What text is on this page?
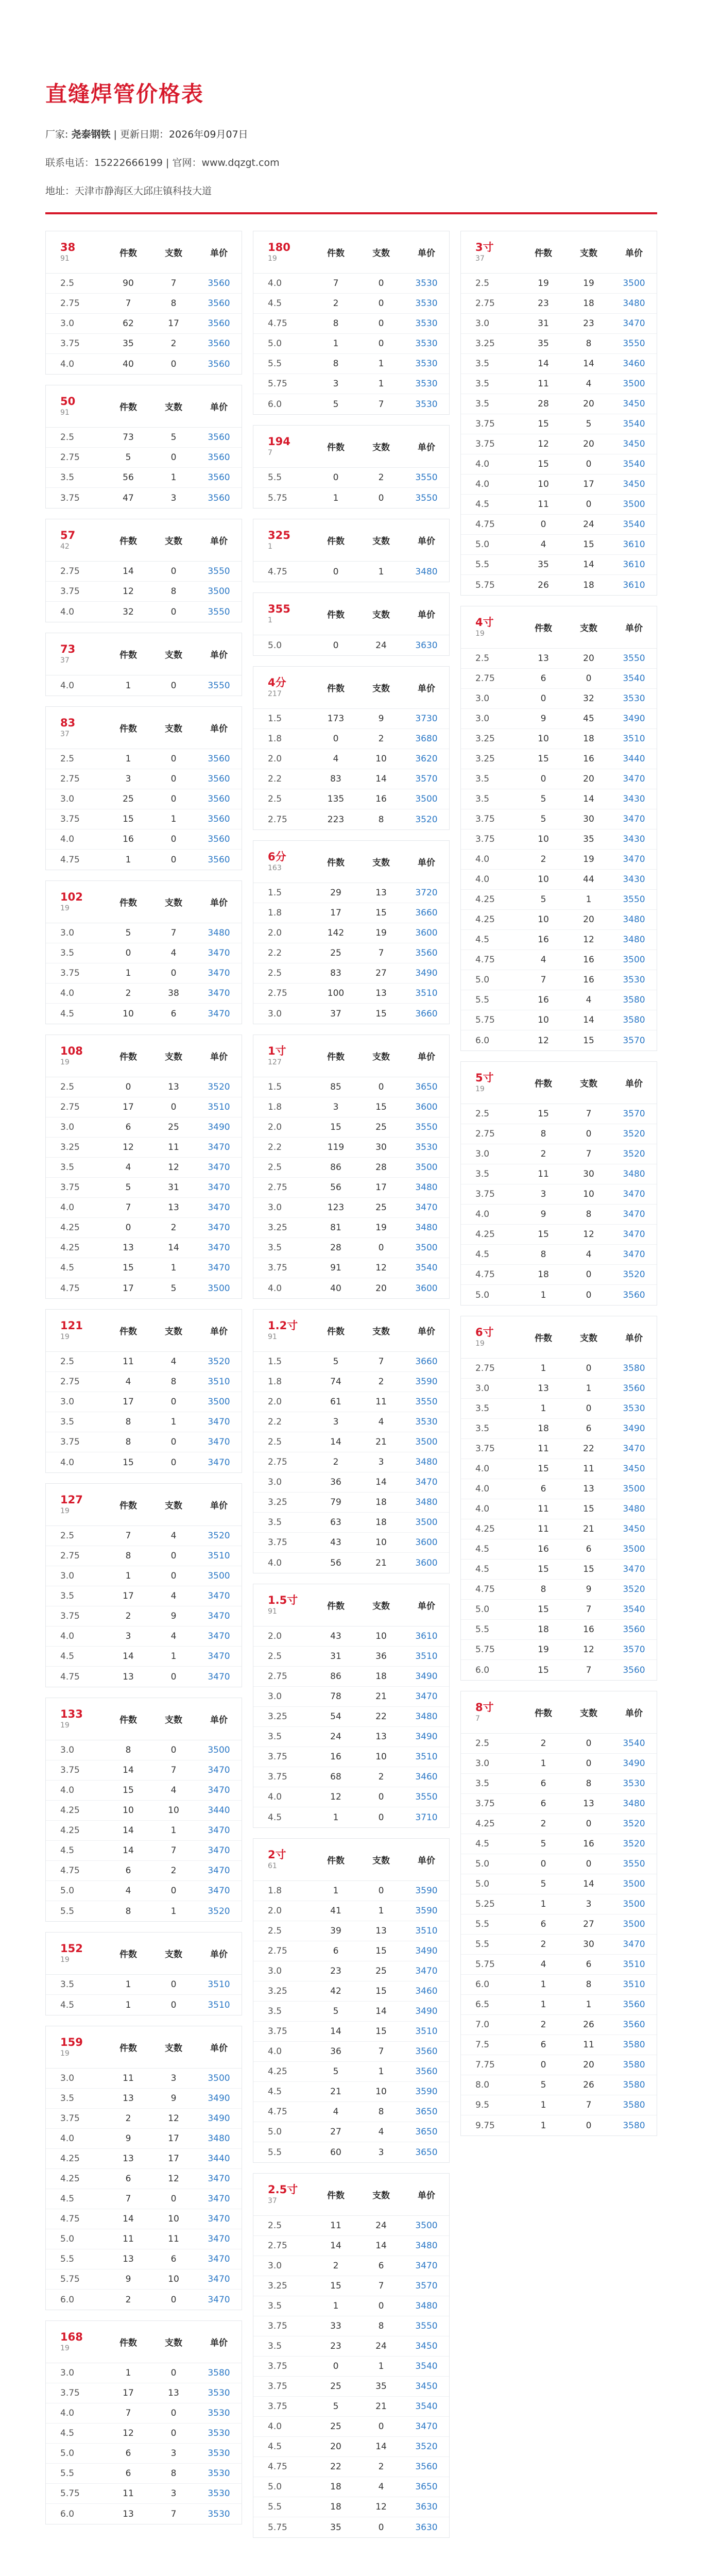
直缝焊管价格表
厂家: 尧泰钢铁 | 更新日期：2026年09月07日
联系电话：15222666199 | 官网：www.dqzgt.com
地址：天津市静海区大邱庄镇科技大道
38
91	件数	支数	单价
2.5	90	7	3560
2.75	7	8	3560
3.0	62	17	3560
3.75	35	2	3560
4.0	40	0	3560
50
91	件数	支数	单价
2.5	73	5	3560
2.75	5	0	3560
3.5	56	1	3560
3.75	47	3	3560
57
42	件数	支数	单价
2.75	14	0	3550
3.75	12	8	3500
4.0	32	0	3550
73
37	件数	支数	单价
4.0	1	0	3550
83
37	件数	支数	单价
2.5	1	0	3560
2.75	3	0	3560
3.0	25	0	3560
3.75	15	1	3560
4.0	16	0	3560
4.75	1	0	3560
102
19	件数	支数	单价
3.0	5	7	3480
3.5	0	4	3470
3.75	1	0	3470
4.0	2	38	3470
4.5	10	6	3470
108
19	件数	支数	单价
2.5	0	13	3520
2.75	17	0	3510
3.0	6	25	3490
3.25	12	11	3470
3.5	4	12	3470
3.75	5	31	3470
4.0	7	13	3470
4.25	0	2	3470
4.25	13	14	3470
4.5	15	1	3470
4.75	17	5	3500
121
19	件数	支数	单价
2.5	11	4	3520
2.75	4	8	3510
3.0	17	0	3500
3.5	8	1	3470
3.75	8	0	3470
4.0	15	0	3470
127
19	件数	支数	单价
2.5	7	4	3520
2.75	8	0	3510
3.0	1	0	3500
3.5	17	4	3470
3.75	2	9	3470
4.0	3	4	3470
4.5	14	1	3470
4.75	13	0	3470
133
19	件数	支数	单价
3.0	8	0	3500
3.75	14	7	3470
4.0	15	4	3470
4.25	10	10	3440
4.25	14	1	3470
4.5	14	7	3470
4.75	6	2	3470
5.0	4	0	3470
5.5	8	1	3520
152
19	件数	支数	单价
3.5	1	0	3510
4.5	1	0	3510
159
19	件数	支数	单价
3.0	11	3	3500
3.5	13	9	3490
3.75	2	12	3490
4.0	9	17	3480
4.25	13	17	3440
4.25	6	12	3470
4.5	7	0	3470
4.75	14	10	3470
5.0	11	11	3470
5.5	13	6	3470
5.75	9	10	3470
6.0	2	0	3470
168
19	件数	支数	单价
3.0	1	0	3580
3.75	17	13	3530
4.0	7	0	3530
4.5	12	0	3530
5.0	6	3	3530
5.5	6	8	3530
5.75	11	3	3530
6.0	13	7	3530
180
19	件数	支数	单价
4.0	7	0	3530
4.5	2	0	3530
4.75	8	0	3530
5.0	1	0	3530
5.5	8	1	3530
5.75	3	1	3530
6.0	5	7	3530
194
7	件数	支数	单价
5.5	0	2	3550
5.75	1	0	3550
325
1	件数	支数	单价
4.75	0	1	3480
355
1	件数	支数	单价
5.0	0	24	3630
4分
217	件数	支数	单价
1.5	173	9	3730
1.8	0	2	3680
2.0	4	10	3620
2.2	83	14	3570
2.5	135	16	3500
2.75	223	8	3520
6分
163	件数	支数	单价
1.5	29	13	3720
1.8	17	15	3660
2.0	142	19	3600
2.2	25	7	3560
2.5	83	27	3490
2.75	100	13	3510
3.0	37	15	3660
1寸
127	件数	支数	单价
1.5	85	0	3650
1.8	3	15	3600
2.0	15	25	3550
2.2	119	30	3530
2.5	86	28	3500
2.75	56	17	3480
3.0	123	25	3470
3.25	81	19	3480
3.5	28	0	3500
3.75	91	12	3540
4.0	40	20	3600
1.2寸
91	件数	支数	单价
1.5	5	7	3660
1.8	74	2	3590
2.0	61	11	3550
2.2	3	4	3530
2.5	14	21	3500
2.75	2	3	3480
3.0	36	14	3470
3.25	79	18	3480
3.5	63	18	3500
3.75	43	10	3600
4.0	56	21	3600
1.5寸
91	件数	支数	单价
2.0	43	10	3610
2.5	31	36	3510
2.75	86	18	3490
3.0	78	21	3470
3.25	54	22	3480
3.5	24	13	3490
3.75	16	10	3510
3.75	68	2	3460
4.0	12	0	3550
4.5	1	0	3710
2寸
61	件数	支数	单价
1.8	1	0	3590
2.0	41	1	3590
2.5	39	13	3510
2.75	6	15	3490
3.0	23	25	3470
3.25	42	15	3460
3.5	5	14	3490
3.75	14	15	3510
4.0	36	7	3560
4.25	5	1	3560
4.5	21	10	3590
4.75	4	8	3650
5.0	27	4	3650
5.5	60	3	3650
2.5寸
37	件数	支数	单价
2.5	11	24	3500
2.75	14	14	3480
3.0	2	6	3470
3.25	15	7	3570
3.5	1	0	3480
3.75	33	8	3550
3.5	23	24	3450
3.75	0	1	3540
3.75	25	35	3450
3.75	5	21	3540
4.0	25	0	3470
4.5	20	14	3520
4.75	22	2	3560
5.0	18	4	3650
5.5	18	12	3630
5.75	35	0	3630
3寸
37	件数	支数	单价
2.5	19	19	3500
2.75	23	18	3480
3.0	31	23	3470
3.25	35	8	3550
3.5	14	14	3460
3.5	11	4	3500
3.5	28	20	3450
3.75	15	5	3540
3.75	12	20	3450
4.0	15	0	3540
4.0	10	17	3450
4.5	11	0	3500
4.75	0	24	3540
5.0	4	15	3610
5.5	35	14	3610
5.75	26	18	3610
4寸
19	件数	支数	单价
2.5	13	20	3550
2.75	6	0	3540
3.0	0	32	3530
3.0	9	45	3490
3.25	10	18	3510
3.25	15	16	3440
3.5	0	20	3470
3.5	5	14	3430
3.75	5	30	3470
3.75	10	35	3430
4.0	2	19	3470
4.0	10	44	3430
4.25	5	1	3550
4.25	10	20	3480
4.5	16	12	3480
4.75	4	16	3500
5.0	7	16	3530
5.5	16	4	3580
5.75	10	14	3580
6.0	12	15	3570
5寸
19	件数	支数	单价
2.5	15	7	3570
2.75	8	0	3520
3.0	2	7	3520
3.5	11	30	3480
3.75	3	10	3470
4.0	9	8	3470
4.25	15	12	3470
4.5	8	4	3470
4.75	18	0	3520
5.0	1	0	3560
6寸
19	件数	支数	单价
2.75	1	0	3580
3.0	13	1	3560
3.5	1	0	3530
3.5	18	6	3490
3.75	11	22	3470
4.0	15	11	3450
4.0	6	13	3500
4.0	11	15	3480
4.25	11	21	3450
4.5	16	6	3500
4.5	15	15	3470
4.75	8	9	3520
5.0	15	7	3540
5.5	18	16	3560
5.75	19	12	3570
6.0	15	7	3560
8寸
7	件数	支数	单价
2.5	2	0	3540
3.0	1	0	3490
3.5	6	8	3530
3.75	6	13	3480
4.25	2	0	3520
4.5	5	16	3520
5.0	0	0	3550
5.0	5	14	3500
5.25	1	3	3500
5.5	6	27	3500
5.5	2	30	3470
5.75	4	6	3510
6.0	1	8	3510
6.5	1	1	3560
7.0	2	26	3560
7.5	6	11	3580
7.75	0	20	3580
8.0	5	26	3580
9.5	1	7	3580
9.75	1	0	3580
